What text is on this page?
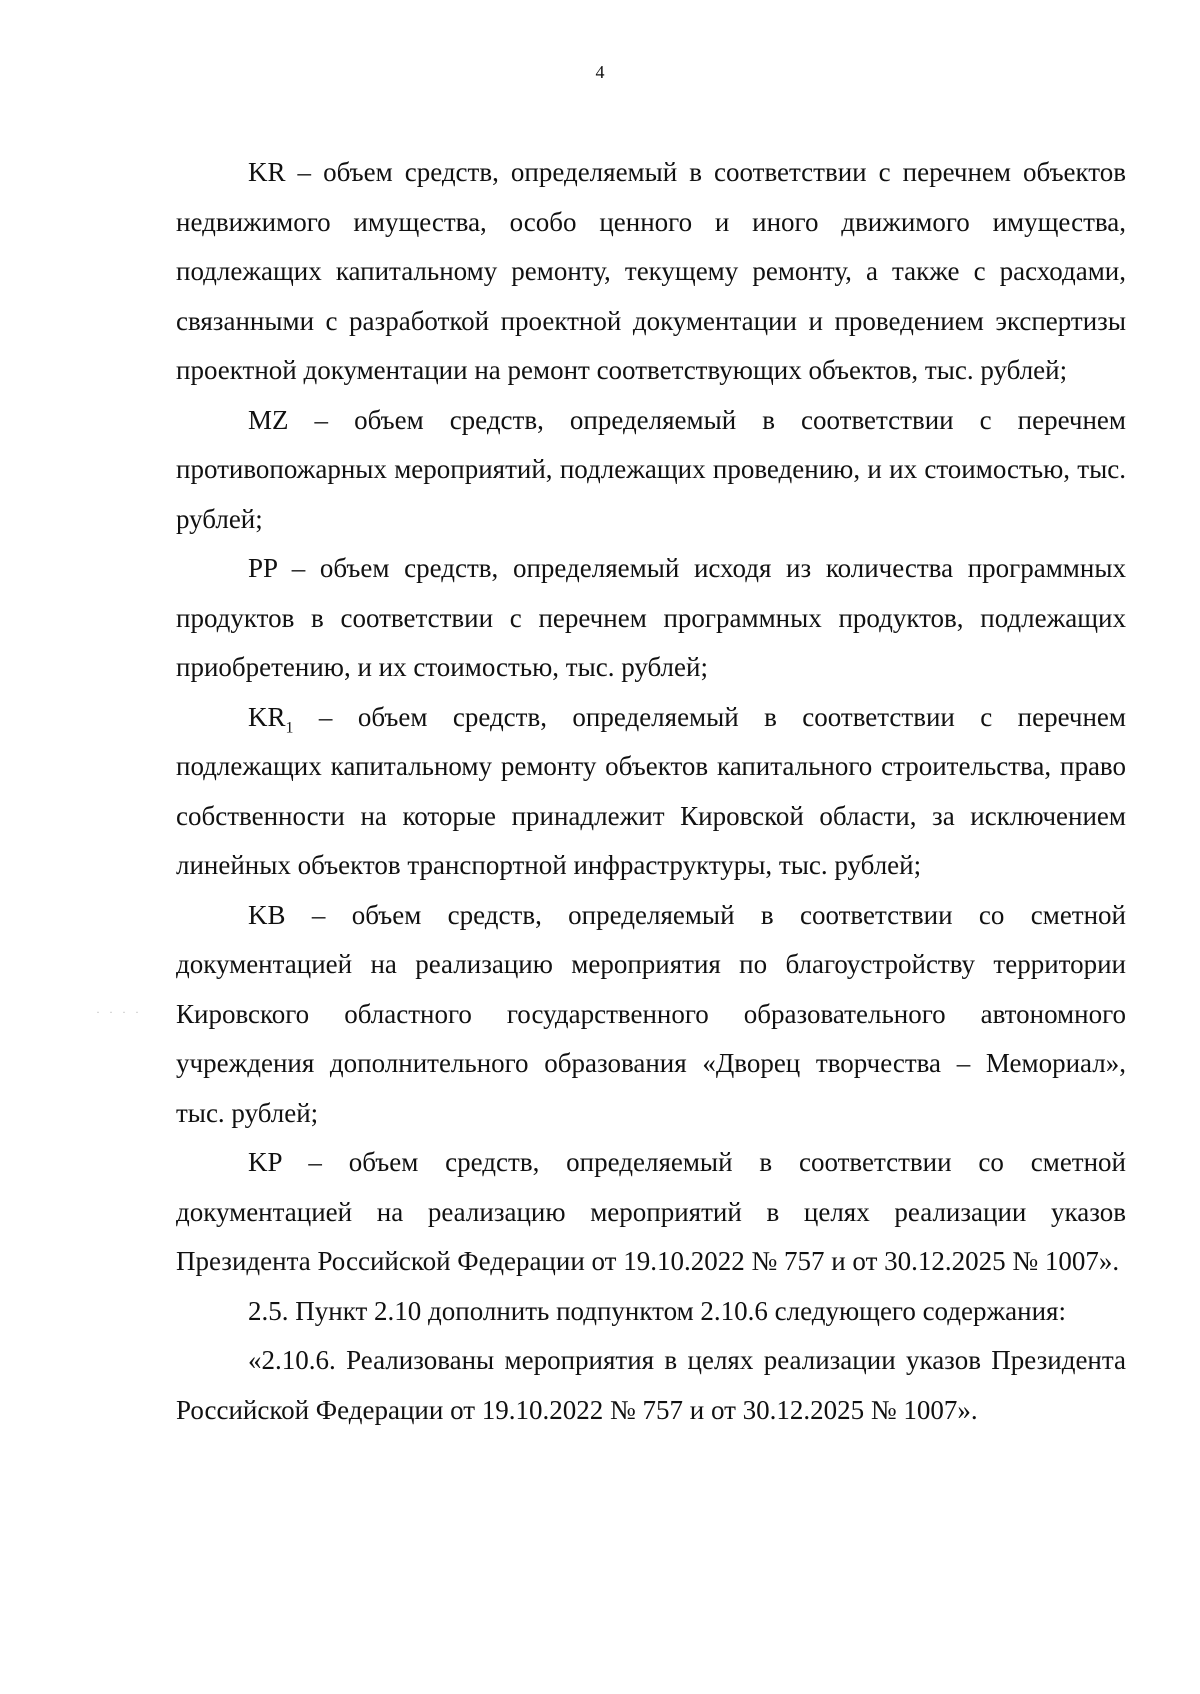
4

KR – объем средств, определяемый в соответствии с перечнем объектов недвижимого имущества, особо ценного и иного движимого имущества, подлежащих капитальному ремонту, текущему ремонту, а также с расходами, связанными с разработкой проектной документации и проведением экспертизы проектной документации на ремонт соответствующих объектов, тыс. рублей;

MZ – объем средств, определяемый в соответствии с перечнем противопожарных мероприятий, подлежащих проведению, и их стоимостью, тыс. рублей;

PP – объем средств, определяемый исходя из количества программных продуктов в соответствии с перечнем программных продуктов, подлежащих приобретению, и их стоимостью, тыс. рублей;

$KR_1$ – объем средств, определяемый в соответствии с перечнем подлежащих капитальному ремонту объектов капитального строительства, право собственности на которые принадлежит Кировской области, за исключением линейных объектов транспортной инфраструктуры, тыс. рублей;

KB – объем средств, определяемый в соответствии со сметной документацией на реализацию мероприятия по благоустройству территории Кировского областного государственного образовательного автономного учреждения дополнительного образования «Дворец творчества – Мемориал», тыс. рублей;

KP – объем средств, определяемый в соответствии со сметной документацией на реализацию мероприятий в целях реализации указов Президента Российской Федерации от 19.10.2022 № 757 и от 30.12.2025 № 1007».

2.5. Пункт 2.10 дополнить подпунктом 2.10.6 следующего содержания:

«2.10.6. Реализованы мероприятия в целях реализации указов Президента Российской Федерации от 19.10.2022 № 757 и от 30.12.2025 № 1007».

· · · ·
